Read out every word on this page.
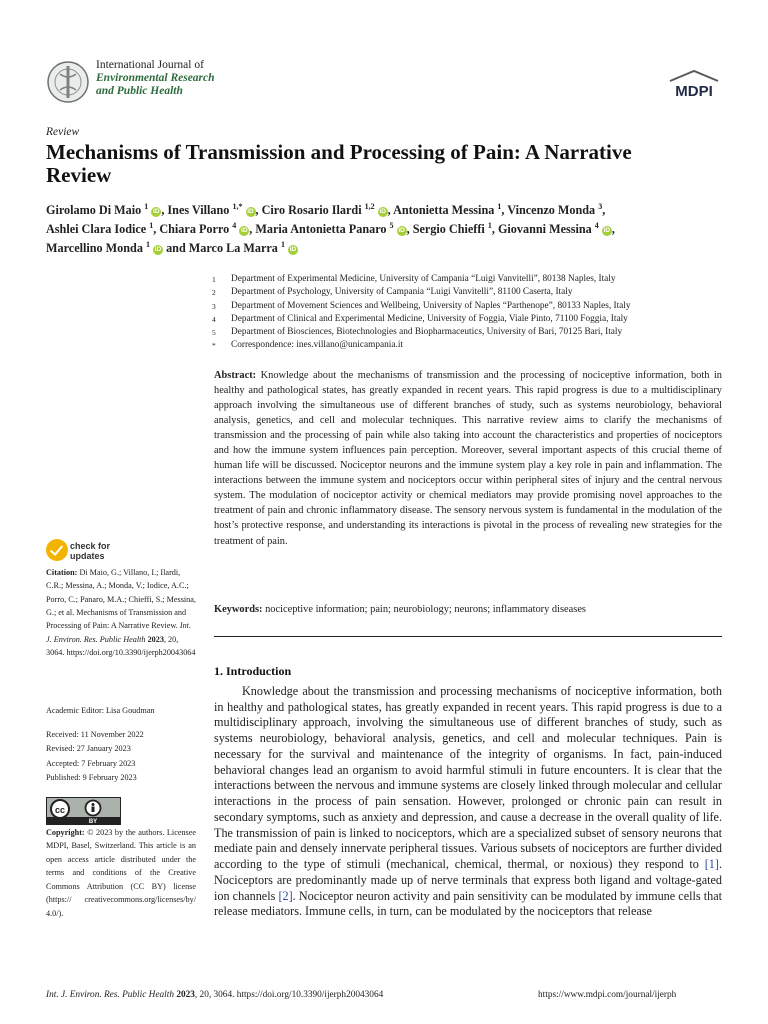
International Journal of
Environmental Research
and Public Health	MDPI
Review
Mechanisms of Transmission and Processing of Pain: A Narrative Review
Girolamo Di Maio $^1$ iD , Ines Villano $^{1,*}$ iD , Ciro Rosario Ilardi $^{1,2}$ iD , Antonietta Messina $^1$, Vincenzo Monda $^3$,
Ashlei Clara Iodice $^1$, Chiara Porro $^4$ iD , Maria Antonietta Panaro $^5$ iD , Sergio Chieffi $^1$, Giovanni Messina $^4$ iD ,
Marcellino Monda $^1$ iD and Marco La Marra $^1$ iD
1	Department of Experimental Medicine, University of Campania “Luigi Vanvitelli”, 80138 Naples, Italy
2	Department of Psychology, University of Campania “Luigi Vanvitelli”, 81100 Caserta, Italy
3	Department of Movement Sciences and Wellbeing, University of Naples “Parthenope”, 80133 Naples, Italy
4	Department of Clinical and Experimental Medicine, University of Foggia, Viale Pinto, 71100 Foggia, Italy
5	Department of Biosciences, Biotechnologies and Biopharmaceutics, University of Bari, 70125 Bari, Italy
*	Correspondence: ines.villano@unicampania.it
Abstract: Knowledge about the mechanisms of transmission and the processing of nociceptive information, both in healthy and pathological states, has greatly expanded in recent years. This rapid progress is due to a multidisciplinary approach involving the simultaneous use of different branches of study, such as systems neurobiology, behavioral analysis, genetics, and cell and molecular techniques. This narrative review aims to clarify the mechanisms of transmission and the processing of pain while also taking into account the characteristics and properties of nociceptors and how the immune system influences pain perception. Moreover, several important aspects of this crucial theme of human life will be discussed. Nociceptor neurons and the immune system play a key role in pain and inflammation. The interactions between the immune system and nociceptors occur within peripheral sites of injury and the central nervous system. The modulation of nociceptor activity or chemical mediators may provide promising novel approaches to the treatment of pain and chronic inflammatory disease. The sensory nervous system is fundamental in the modulation of the host’s protective response, and understanding its interactions is pivotal in the process of revealing new strategies for the treatment of pain.
Keywords: nociceptive information; pain; neurobiology; neurons; inflammatory diseases
check for
updates
Citation: Di Maio, G.; Villano, I.; Ilardi, C.R.; Messina, A.; Monda, V.; Iodice, A.C.; Porro, C.; Panaro, M.A.; Chieffi, S.; Messina, G.; et al. Mechanisms of Transmission and Processing of Pain: A Narrative Review. Int. J. Environ. Res. Public Health 2023, 20, 3064. https://doi.org/10.3390/ijerph20043064
Academic Editor: Lisa Goudman
Received: 11 November 2022
Revised: 27 January 2023
Accepted: 7 February 2023
Published: 9 February 2023
cc
BY
Copyright: © 2023 by the authors. Licensee MDPI, Basel, Switzerland. This article is an open access article distributed under the terms and conditions of the Creative Commons Attribution (CC BY) license (https:// creativecommons.org/licenses/by/ 4.0/).
1. Introduction

Knowledge about the transmission and processing mechanisms of nociceptive information, both in healthy and pathological states, has greatly expanded in recent years. This rapid progress is due to a multidisciplinary approach, involving the simultaneous use of different branches of study, such as systems neurobiology, behavioral analysis, genetics, and cell and molecular techniques. Pain is necessary for the survival and maintenance of the integrity of organisms. In fact, pain-induced behavioral changes lead an organism to avoid harmful stimuli in future encounters. It is clear that the interactions between the nervous and immune systems are closely linked through molecular and cellular interactions in the process of pain sensation. However, prolonged or chronic pain can result in secondary symptoms, such as anxiety and depression, and cause a decrease in the overall quality of life. The transmission of pain is linked to nociceptors, which are a specialized subset of sensory neurons that mediate pain and densely innervate peripheral tissues. Various subsets of nociceptors are further divided according to the type of stimuli (mechanical, chemical, thermal, or noxious) they respond to [1]. Nociceptors are predominantly made up of nerve terminals that express both ligand and voltage-gated ion channels [2]. Nociceptor neuron activity and pain sensitivity can be modulated by immune cells that release mediators. Immune cells, in turn, can be modulated by the nociceptors that release

Int. J. Environ. Res. Public Health 2023, 20, 3064. https://doi.org/10.3390/ijerph20043064	https://www.mdpi.com/journal/ijerph
